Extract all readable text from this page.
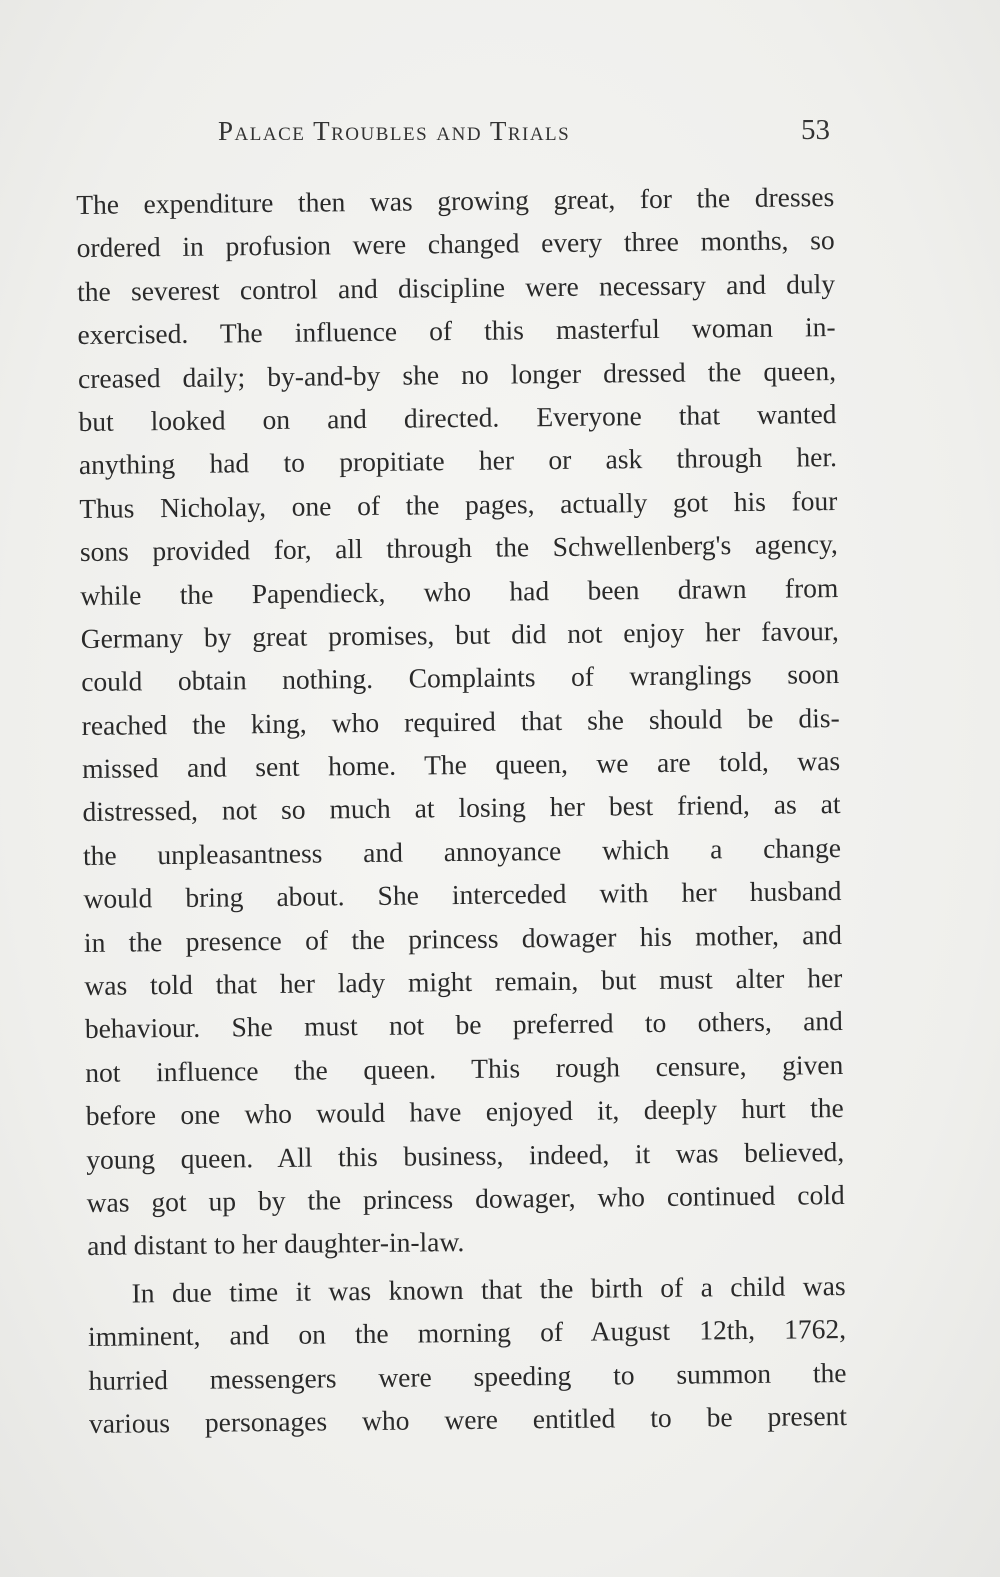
Palace Troubles and Trials	53
The expenditure then was growing great, for the dresses
ordered in profusion were changed every three months, so
the severest control and discipline were necessary and duly
exercised. The influence of this masterful woman in-
creased daily; by-and-by she no longer dressed the queen,
but looked on and directed. Everyone that wanted
anything had to propitiate her or ask through her.
Thus Nicholay, one of the pages, actually got his four
sons provided for, all through the Schwellenberg's agency,
while the Papendieck, who had been drawn from
Germany by great promises, but did not enjoy her favour,
could obtain nothing. Complaints of wranglings soon
reached the king, who required that she should be dis-
missed and sent home. The queen, we are told, was
distressed, not so much at losing her best friend, as at
the unpleasantness and annoyance which a change
would bring about. She interceded with her husband
in the presence of the princess dowager his mother, and
was told that her lady might remain, but must alter her
behaviour. She must not be preferred to others, and
not influence the queen. This rough censure, given
before one who would have enjoyed it, deeply hurt the
young queen. All this business, indeed, it was believed,
was got up by the princess dowager, who continued cold
and distant to her daughter-in-law.
In due time it was known that the birth of a child was
imminent, and on the morning of August 12th, 1762,
hurried messengers were speeding to summon the
various personages who were entitled to be present
